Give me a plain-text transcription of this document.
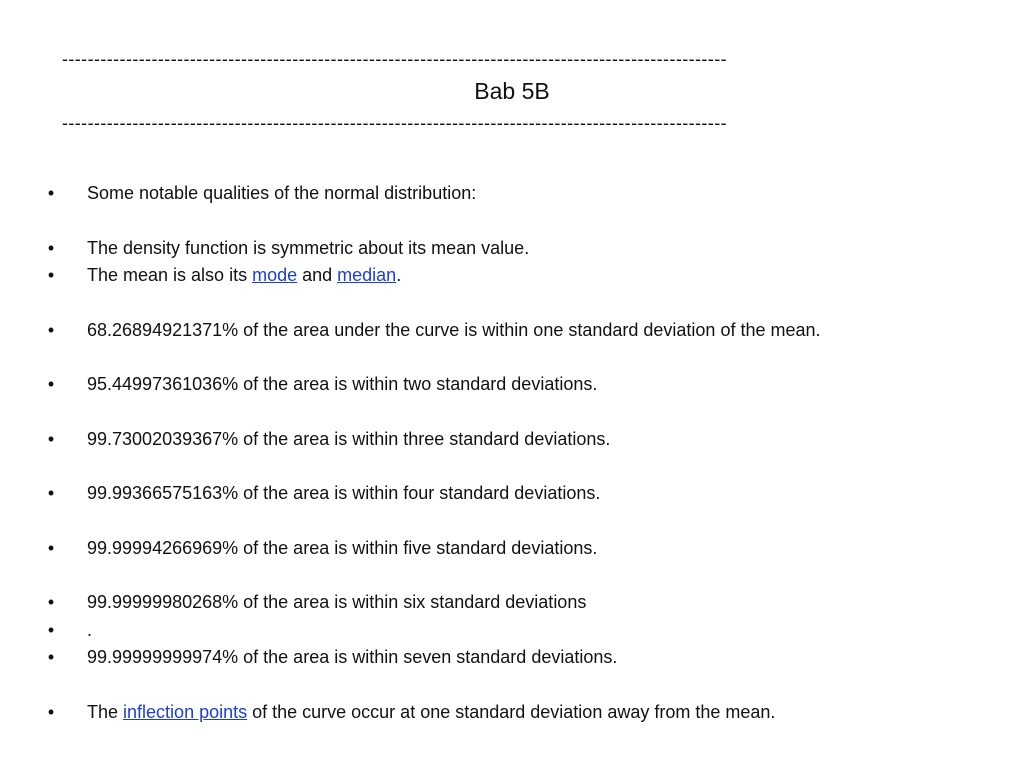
--------------------------------------------------------------------------------------------------------
Bab 5B
--------------------------------------------------------------------------------------------------------
• Some notable qualities of the normal distribution:
• The density function is symmetric about its mean value.
• The mean is also its mode and median.
• 68.26894921371% of the area under the curve is within one standard deviation of the mean.
• 95.44997361036% of the area is within two standard deviations.
• 99.73002039367% of the area is within three standard deviations.
• 99.99366575163% of the area is within four standard deviations.
• 99.99994266969% of the area is within five standard deviations.
• 99.99999980268% of the area is within six standard deviations
• .
• 99.99999999974% of the area is within seven standard deviations.
• The inflection points of the curve occur at one standard deviation away from the mean.
